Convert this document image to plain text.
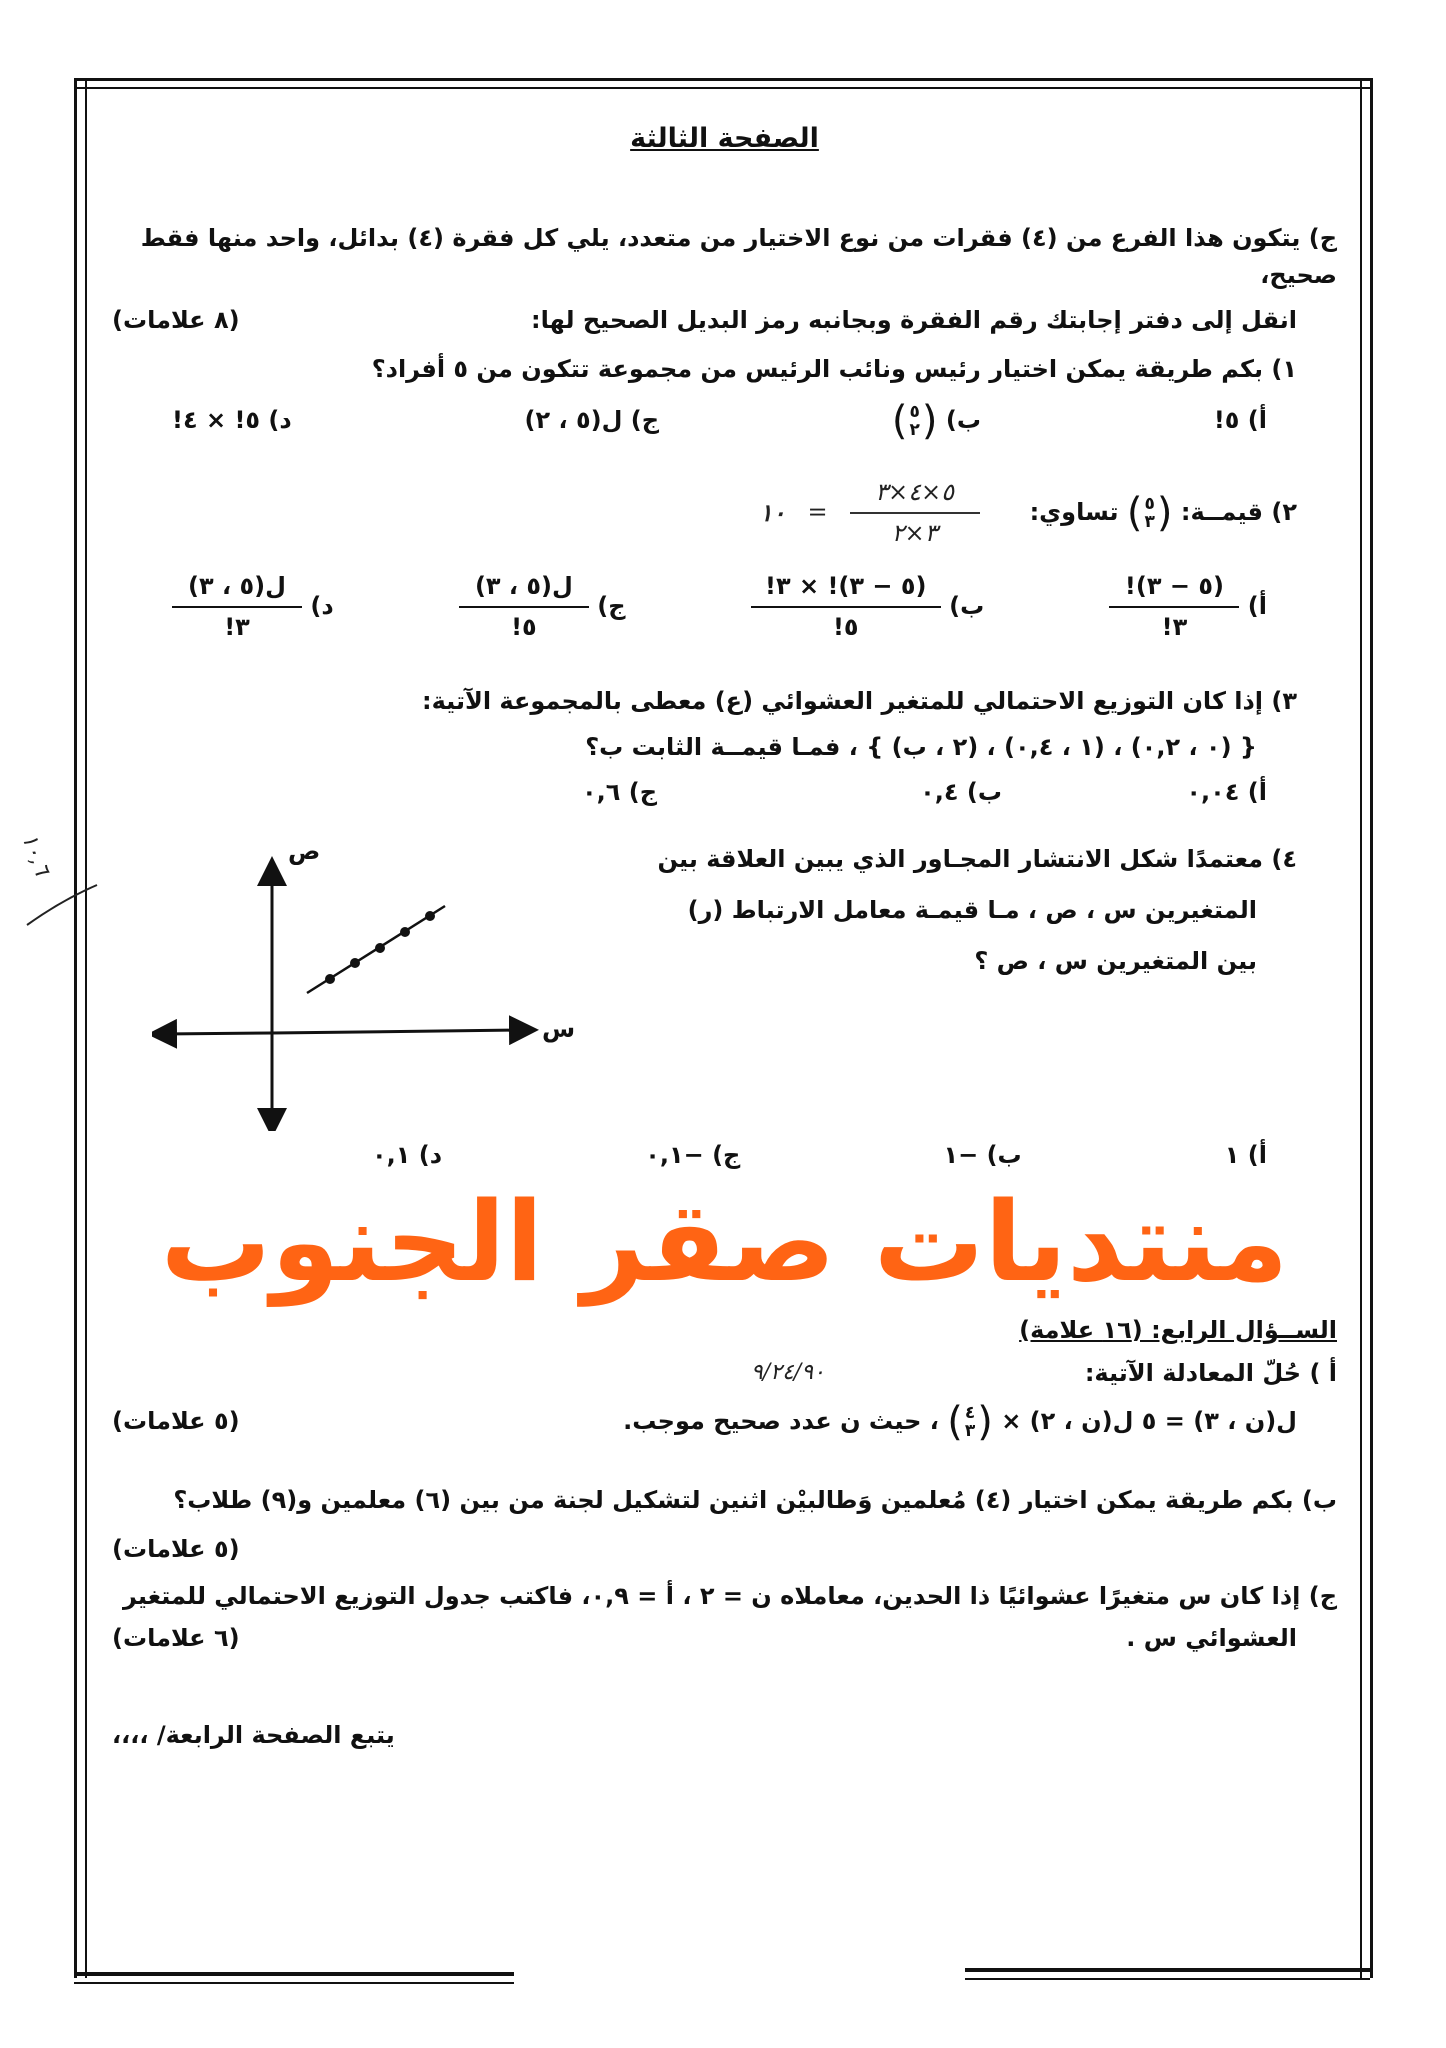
١٠,٦
الصفحة الثالثة
ج) يتكون هذا الفرع من (٤) فقرات من نوع الاختيار من متعدد، يلي كل فقرة (٤) بدائل، واحد منها فقط صحيح،
انقل إلى دفتر إجابتك رقم الفقرة وبجانبه رمز البديل الصحيح لها:
(٨ علامات)
١) بكم طريقة يمكن اختيار رئيس ونائب الرئيس من مجموعة تتكون من ٥ أفراد؟
أ) ٥!
ب)
(
٥
٢
)
ج) ل(٥ ، ٢)
د) ٥! × ٤!
٢) قيمــة:
(
٥
٣
)
تساوي:
١٠ = $\frac{٥\times ٤\times ٣}{٣\times ٢}$
أ)
$\frac{(٥ - ٣)!}{٣!}$
ب)
$\frac{(٥ - ٣)! \times ٣!}{٥!}$
ج)
$\frac{\text{ل(٥ ، ٣)}}{٥!}$
د)
$\frac{\text{ل(٥ ، ٣)}}{٣!}$
٣) إذا كان التوزيع الاحتمالي للمتغير العشوائي (ع) معطى بالمجموعة الآتية:
{ (٠ ، ٠,٢) ، (١ ، ٠,٤) ، (٢ ، ب) } ، فمـا قيمــة الثابت ب؟
أ) ٠,٠٤
ب) ٠,٤
ج) ٠,٦
٤) معتمدًا شكل الانتشار المجـاور الذي يبين العلاقة بين
المتغيرين س ، ص ، مـا قيمـة معامل الارتباط (ر)
بين المتغيرين س ، ص ؟
ص
س
أ) ١
ب) −١
ج) −٠,١
د) ٠,١
منتديات صقر الجنوب
الســؤال الرابع: (١٦ علامة)
أ ) حُلّ المعادلة الآتية:
٩/٢٤/٩٠
ل(ن ، ٣) = ٥ ل(ن ، ٢) ×
(
٤
٣
)
، حيث ن عدد صحيح موجب.
(٥ علامات)
ب) بكم طريقة يمكن اختيار (٤) مُعلمين وَطالبيْن اثنين لتشكيل لجنة من بين (٦) معلمين و(٩) طلاب؟
(٥ علامات)
ج) إذا كان س متغيرًا عشوائيًا ذا الحدين، معاملاه ن = ٢ ، أ = ٠,٩، فاكتب جدول التوزيع الاحتمالي للمتغير
العشوائي س .
(٦ علامات)
يتبع الصفحة الرابعة/ ،،،،
